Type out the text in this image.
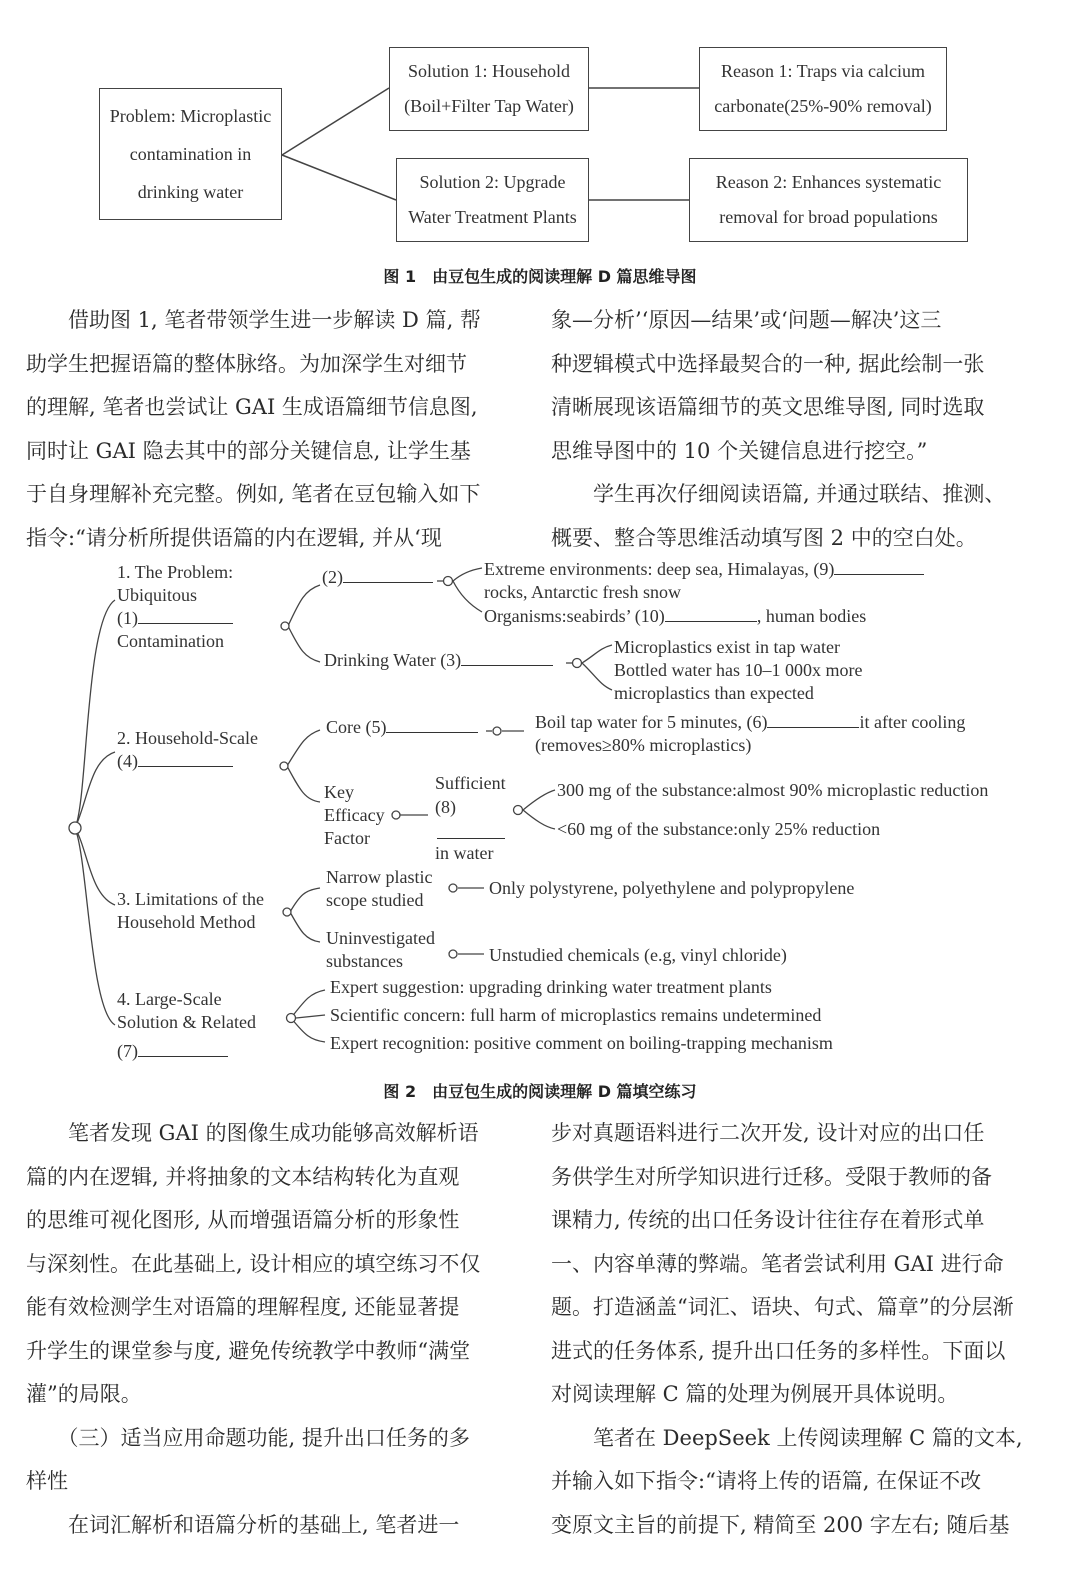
Problem: Microplastic
contamination in
drinking water
Solution 1: Household
(Boil+Filter Tap Water)
Reason 1: Traps via calcium
carbonate(25%-90% removal)
Solution 2: Upgrade
Water Treatment Plants
Reason 2: Enhances systematic
removal for broad populations
图 1　由豆包生成的阅读理解 D 篇思维导图

借助图 1, 笔者带领学生进一步解读 D 篇, 帮

助学生把握语篇的整体脉络。为加深学生对细节

的理解, 笔者也尝试让 GAI 生成语篇细节信息图,

同时让 GAI 隐去其中的部分关键信息, 让学生基

于自身理解补充完整。例如, 笔者在豆包输入如下

指令:“请分析所提供语篇的内在逻辑, 并从‘现

象—分析’‘原因—结果’或‘问题—解决’这三

种逻辑模式中选择最契合的一种, 据此绘制一张

清晰展现该语篇细节的英文思维导图, 同时选取

思维导图中的 10 个关键信息进行挖空。”

学生再次仔细阅读语篇, 并通过联结、推测、

概要、整合等思维活动填写图 2 中的空白处。

1. The Problem:
Ubiquitous
(1)
Contamination
(2)	Extreme environments: deep sea, Himalayas, (9)
rocks, Antarctic fresh snow
Organisms:seabirds’ (10)	, human bodies
Drinking Water (3)
Microplastics exist in tap water
Bottled water has 10–1 000x more
microplastics than expected
2. Household-Scale
(4)
Core (5)	Boil tap water for 5 minutes, (6)	it after cooling
(removes≥80% microplastics)
Key
Efficacy
Factor
Sufficient
(8)
in water
300 mg of the substance:almost 90% microplastic reduction
<60 mg of the substance:only 25% reduction
3. Limitations of the
Household Method
Narrow plastic
scope studied
Only polystyrene, polyethylene and polypropylene
Uninvestigated
substances	Unstudied chemicals (e.g, vinyl chloride)
4. Large-Scale
Solution & Related
(7)
Expert suggestion: upgrading drinking water treatment plants
Scientific concern: full harm of microplastics remains undetermined
Expert recognition: positive comment on boiling-trapping mechanism
图 2　由豆包生成的阅读理解 D 篇填空练习

笔者发现 GAI 的图像生成功能够高效解析语

篇的内在逻辑, 并将抽象的文本结构转化为直观

的思维可视化图形, 从而增强语篇分析的形象性

与深刻性。在此基础上, 设计相应的填空练习不仅

能有效检测学生对语篇的理解程度, 还能显著提

升学生的课堂参与度, 避免传统教学中教师“满堂

灌”的局限。

（三）适当应用命题功能, 提升出口任务的多

样性

在词汇解析和语篇分析的基础上, 笔者进一

步对真题语料进行二次开发, 设计对应的出口任

务供学生对所学知识进行迁移。受限于教师的备

课精力, 传统的出口任务设计往往存在着形式单

一、内容单薄的弊端。笔者尝试利用 GAI 进行命

题。打造涵盖“词汇、语块、句式、篇章”的分层渐

进式的任务体系, 提升出口任务的多样性。下面以

对阅读理解 C 篇的处理为例展开具体说明。

笔者在 DeepSeek 上传阅读理解 C 篇的文本,

并输入如下指令:“请将上传的语篇, 在保证不改

变原文主旨的前提下, 精简至 200 字左右; 随后基
